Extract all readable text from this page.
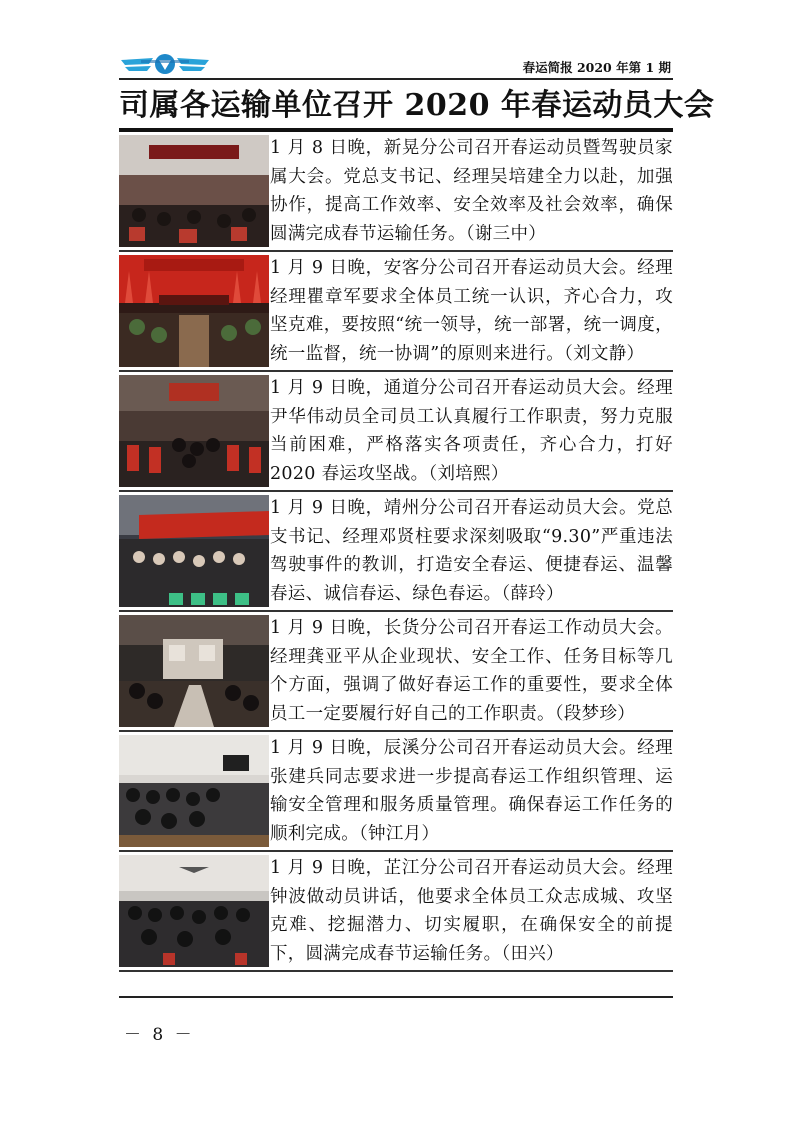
春运简报 2020 年第 1 期
司属各运输单位召开 2020 年春运动员大会
1 月 8 日晚，新晃分公司召开春运动员暨驾驶员家属大会。党总支书记、经理吴培建全力以赴，加强协作，提高工作效率、安全效率及社会效率，确保圆满完成春节运输任务。（谢三中）
1 月 9 日晚，安客分公司召开春运动员大会。经理经理瞿章军要求全体员工统一认识，齐心合力，攻坚克难，要按照“统一领导，统一部署，统一调度，统一监督，统一协调”的原则来进行。（刘文静）
1 月 9 日晚，通道分公司召开春运动员大会。经理尹华伟动员全司员工认真履行工作职责，努力克服当前困难，严格落实各项责任，齐心合力，打好 2020 春运攻坚战。（刘培熙）
1 月 9 日晚，靖州分公司召开春运动员大会。党总支书记、经理邓贤柱要求深刻吸取“9.30”严重违法驾驶事件的教训，打造安全春运、便捷春运、温馨春运、诚信春运、绿色春运。（薛玲）
1 月 9 日晚，长货分公司召开春运工作动员大会。经理龚亚平从企业现状、安全工作、任务目标等几个方面，强调了做好春运工作的重要性，要求全体员工一定要履行好自己的工作职责。（段梦珍）
1 月 9 日晚，辰溪分公司召开春运动员大会。经理张建兵同志要求进一步提高春运工作组织管理、运输安全管理和服务质量管理。确保春运工作任务的顺利完成。（钟江月）
1 月 9 日晚，芷江分公司召开春运动员大会。经理钟波做动员讲话，他要求全体员工众志成城、攻坚克难、挖掘潜力、切实履职，在确保安全的前提下，圆满完成春节运输任务。（田兴）
－ 8 －
